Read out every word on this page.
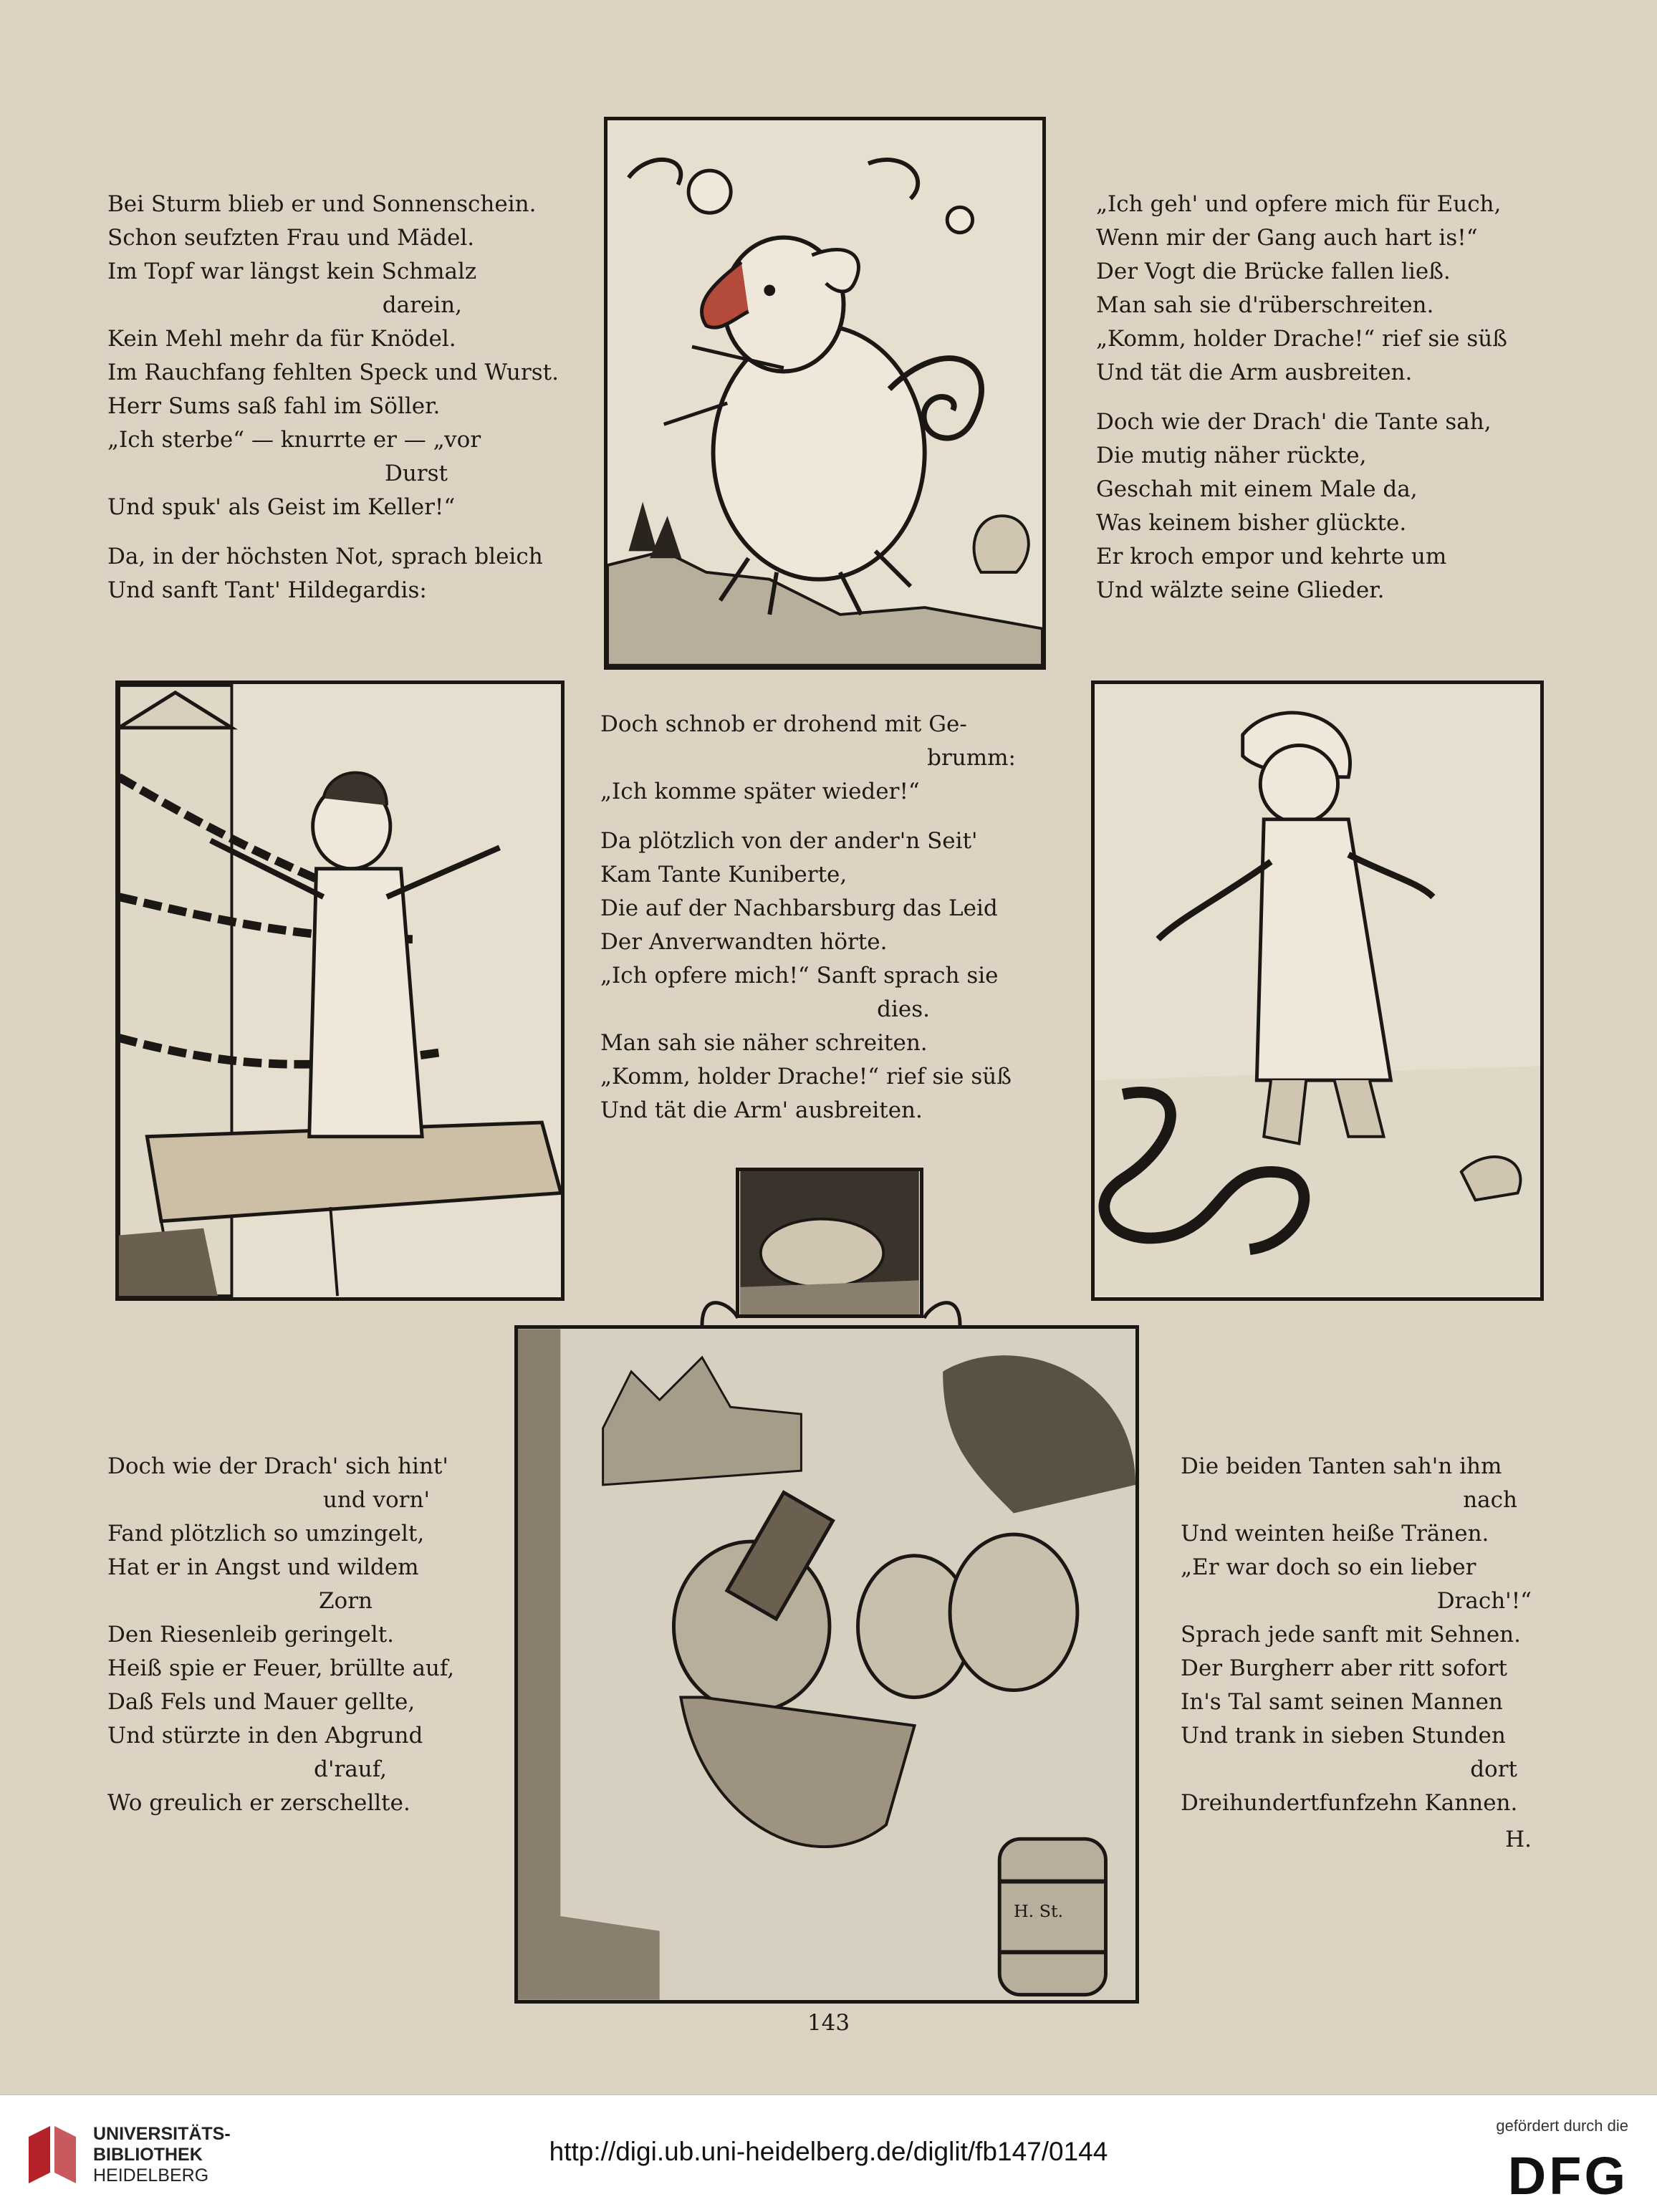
Bei Sturm blieb er und Sonnenschein.
Schon seufzten Frau und Mädel.
Im Topf war längst kein Schmalz
darein,
Kein Mehl mehr da für Knödel.
Im Rauchfang fehlten Speck und Wurst.
Herr Sums saß fahl im Söller.
„Ich sterbe“ — knurrte er — „vor
Durst
Und spuk' als Geist im Keller!“
Da, in der höchsten Not, sprach bleich
Und sanft Tant' Hildegardis:
„Ich geh' und opfere mich für Euch,
Wenn mir der Gang auch hart is!“
Der Vogt die Brücke fallen ließ.
Man sah sie d'rüberschreiten.
„Komm, holder Drache!“ rief sie süß
Und tät die Arm ausbreiten.
Doch wie der Drach' die Tante sah,
Die mutig näher rückte,
Geschah mit einem Male da,
Was keinem bisher glückte.
Er kroch empor und kehrte um
Und wälzte seine Glieder.
Doch schnob er drohend mit Ge-
brumm:
„Ich komme später wieder!“
Da plötzlich von der ander'n Seit'
Kam Tante Kuniberte,
Die auf der Nachbarsburg das Leid
Der Anverwandten hörte.
„Ich opfere mich!“ Sanft sprach sie
dies.
Man sah sie näher schreiten.
„Komm, holder Drache!“ rief sie süß
Und tät die Arm' ausbreiten.
Doch wie der Drach' sich hint'
und vorn'
Fand plötzlich so umzingelt,
Hat er in Angst und wildem
Zorn
Den Riesenleib geringelt.
Heiß spie er Feuer, brüllte auf,
Daß Fels und Mauer gellte,
Und stürzte in den Abgrund
d'rauf,
Wo greulich er zerschellte.
Die beiden Tanten sah'n ihm
nach
Und weinten heiße Tränen.
„Er war doch so ein lieber
Drach'!“
Sprach jede sanft mit Sehnen.
Der Burgherr aber ritt sofort
In's Tal samt seinen Mannen
Und trank in sieben Stunden
dort
Dreihundertfunfzehn Kannen.
H.
H. St.
143
UNIVERSITÄTS-
BIBLIOTHEK
HEIDELBERG
http://digi.ub.uni-heidelberg.de/diglit/fb147/0144
gefördert durch die
DFG
